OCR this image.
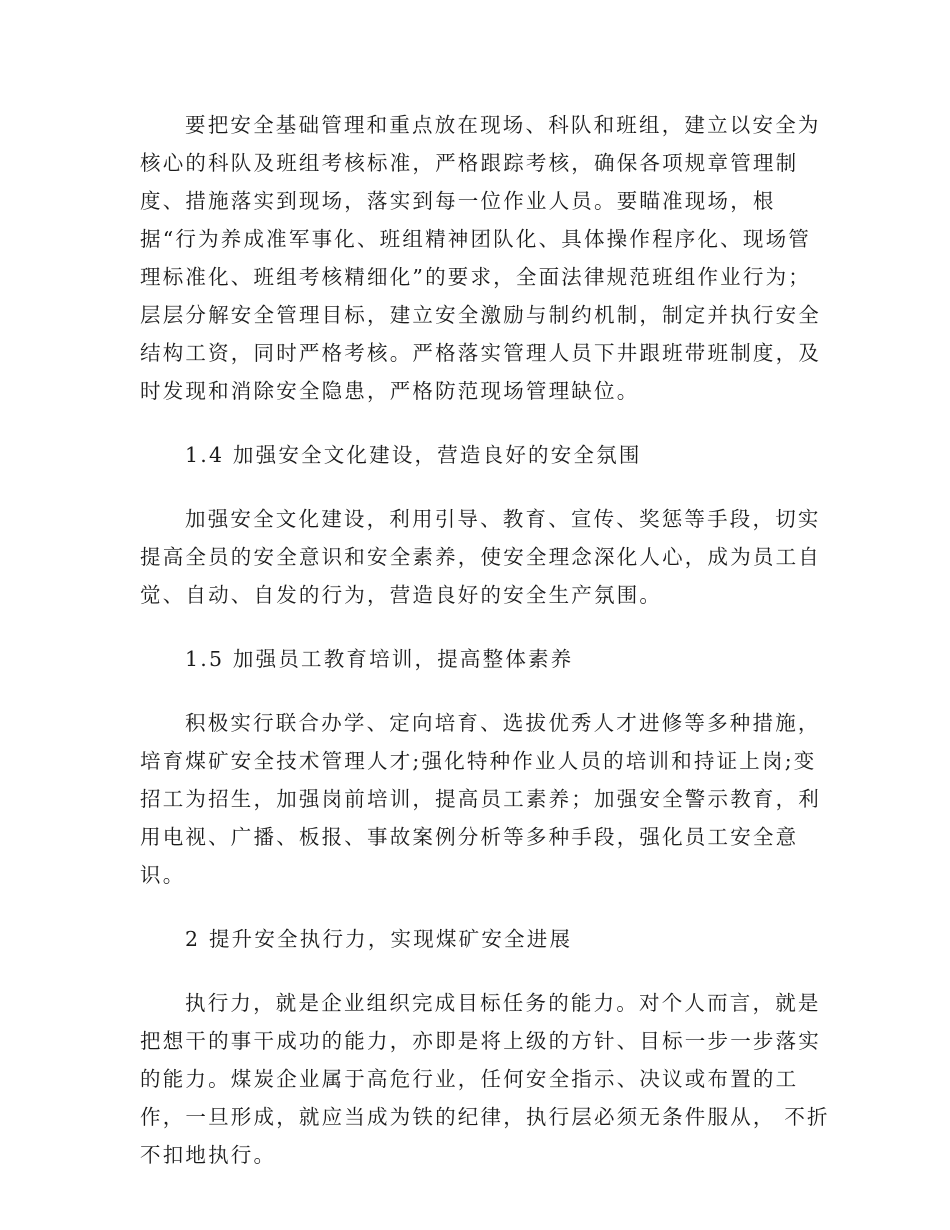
要把安全基础管理和重点放在现场、科队和班组，建立以安全为
核心的科队及班组考核标准，严格跟踪考核，确保各项规章管理制
度、措施落实到现场，落实到每一位作业人员。要瞄准现场，根
据“行为养成准军事化、班组精神团队化、具体操作程序化、现场管
理标准化、班组考核精细化”的要求，全面法律规范班组作业行为；
层层分解安全管理目标，建立安全激励与制约机制，制定并执行安全
结构工资，同时严格考核。严格落实管理人员下井跟班带班制度，及
时发现和消除安全隐患，严格防范现场管理缺位。
1.4 加强安全文化建设，营造良好的安全氛围
加强安全文化建设，利用引导、教育、宣传、奖惩等手段，切实
提高全员的安全意识和安全素养，使安全理念深化人心，成为员工自
觉、自动、自发的行为，营造良好的安全生产氛围。
1.5 加强员工教育培训，提高整体素养
积极实行联合办学、定向培育、选拔优秀人才进修等多种措施，
培育煤矿安全技术管理人才;强化特种作业人员的培训和持证上岗;变
招工为招生，加强岗前培训，提高员工素养；加强安全警示教育，利
用电视、广播、板报、事故案例分析等多种手段，强化员工安全意
识。
2 提升安全执行力，实现煤矿安全进展
执行力，就是企业组织完成目标任务的能力。对个人而言，就是
把想干的事干成功的能力，亦即是将上级的方针、目标一步一步落实
的能力。煤炭企业属于高危行业，任何安全指示、决议或布置的工
作，一旦形成，就应当成为铁的纪律，执行层必须无条件服从， 不折
不扣地执行。
